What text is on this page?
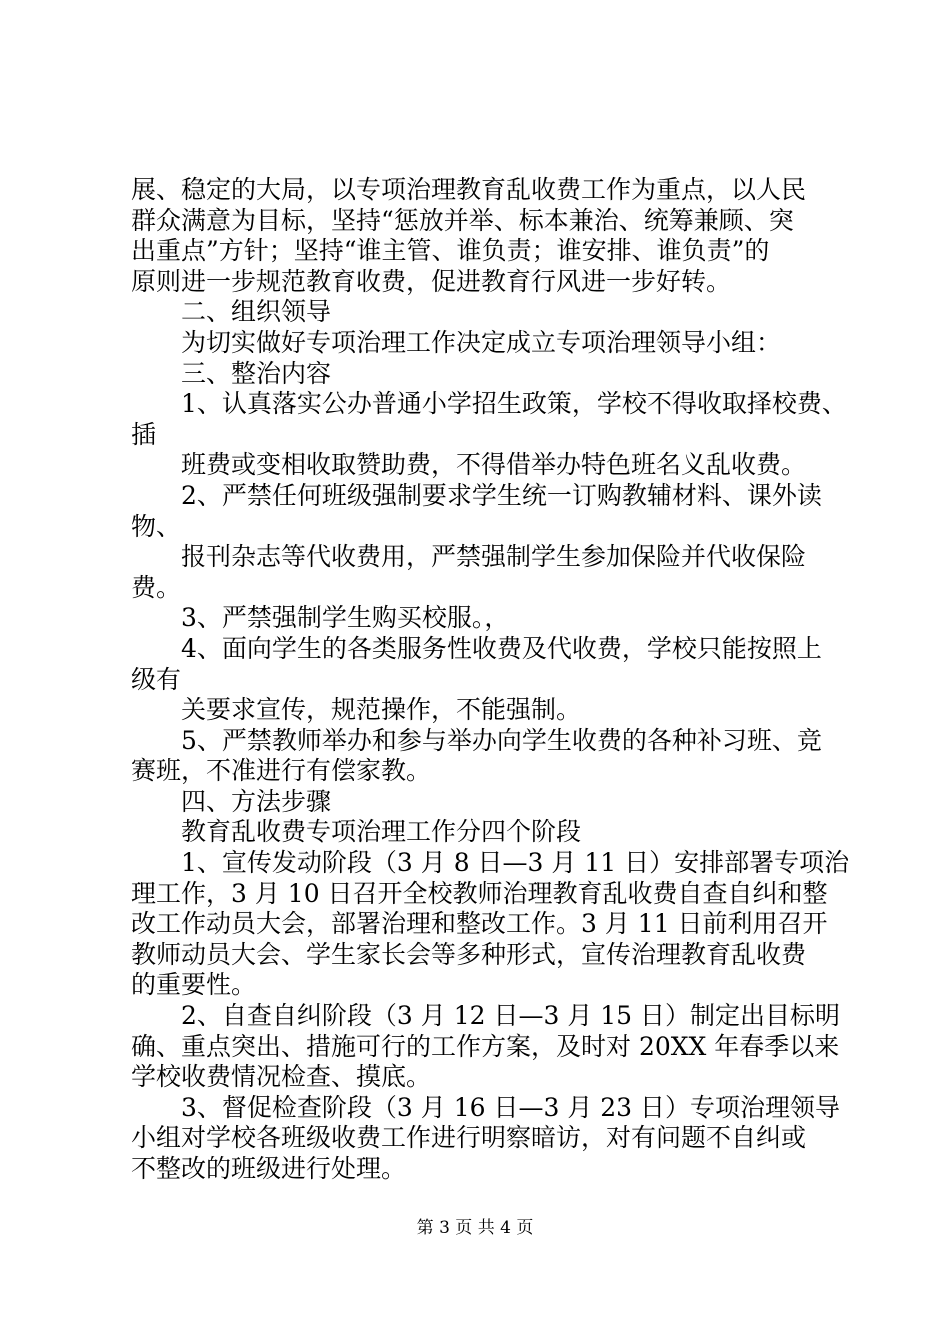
展、稳定的大局，以专项治理教育乱收费工作为重点，以人民
群众满意为目标，坚持“惩放并举、标本兼治、统筹兼顾、突
出重点”方针；坚持“谁主管、谁负责；谁安排、谁负责”的
原则进一步规范教育收费，促进教育行风进一步好转。
二、组织领导
为切实做好专项治理工作决定成立专项治理领导小组：
三、整治内容
1、认真落实公办普通小学招生政策，学校不得收取择校费、
插
班费或变相收取赞助费，不得借举办特色班名义乱收费。
2、严禁任何班级强制要求学生统一订购教辅材料、课外读
物、
报刊杂志等代收费用，严禁强制学生参加保险并代收保险
费。
3、严禁强制学生购买校服。，
4、面向学生的各类服务性收费及代收费，学校只能按照上
级有
关要求宣传，规范操作，不能强制。
5、严禁教师举办和参与举办向学生收费的各种补习班、竞
赛班，不准进行有偿家教。
四、方法步骤
教育乱收费专项治理工作分四个阶段
1、宣传发动阶段（3 月 8 日—3 月 11 日）安排部署专项治
理工作，3 月 10 日召开全校教师治理教育乱收费自查自纠和整
改工作动员大会，部署治理和整改工作。3 月 11 日前利用召开
教师动员大会、学生家长会等多种形式，宣传治理教育乱收费
的重要性。
2、自查自纠阶段（3 月 12 日—3 月 15 日）制定出目标明
确、重点突出、措施可行的工作方案，及时对 20XX 年春季以来
学校收费情况检查、摸底。
3、督促检查阶段（3 月 16 日—3 月 23 日）专项治理领导
小组对学校各班级收费工作进行明察暗访，对有问题不自纠或
不整改的班级进行处理。
第 3 页 共 4 页
